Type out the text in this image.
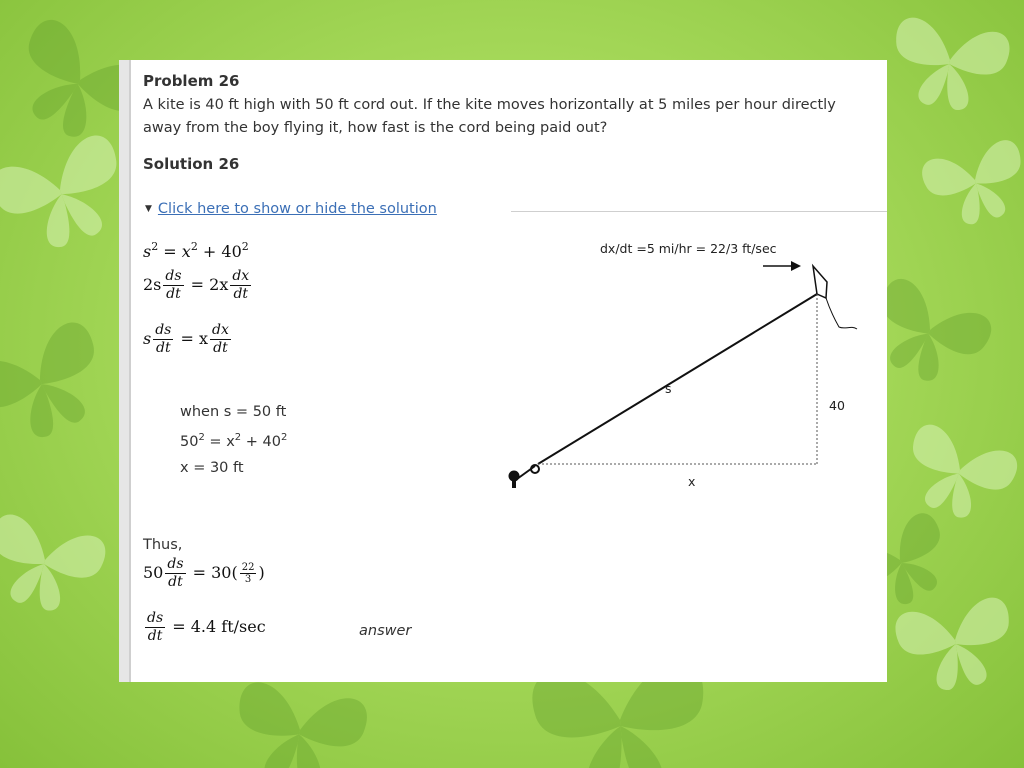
Problem 26
A kite is 40 ft high with 50 ft cord out. If the kite moves horizontally at 5 miles per hour directly away from the boy flying it, how fast is the cord being paid out?
Solution 26
▼ Click here to show or hide the solution
$s^2 = x^2 + 40^2$
$2s \frac{ds}{dt} = 2x \frac{dx}{dt}$
s $\frac{ds}{dt} = x \frac{dx}{dt}$
when s = 50 ft
$50^2 = x^2 + 40^2$
x = 30 ft
Thus,
$50 \frac{ds}{dt} = 30( \frac{22}{3}$ )
$\frac{ds}{dt} = 4.4$ ft/sec	answer
dx/dt =5 mi/hr = 22/3 ft/sec
s
40
x
